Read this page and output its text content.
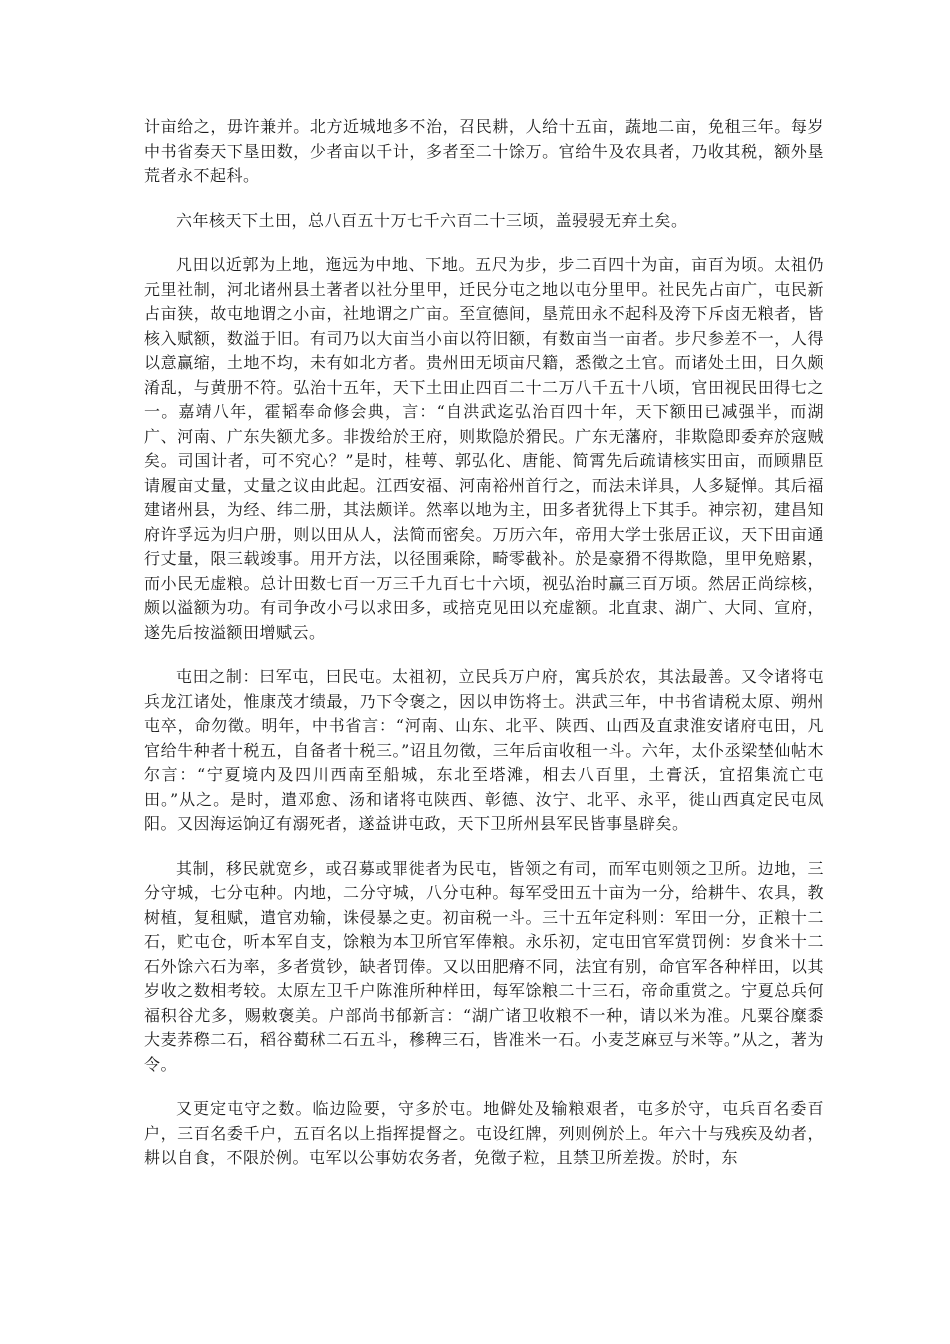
计亩给之，毋许兼并。北方近城地多不治，召民耕，人给十五亩，蔬地二亩，免租三年。每岁中书省奏天下垦田数，少者亩以千计，多者至二十馀万。官给牛及农具者，乃收其税，额外垦荒者永不起科。

六年核天下土田，总八百五十万七千六百二十三顷，盖骎骎无弃土矣。

凡田以近郭为上地，迤远为中地、下地。五尺为步，步二百四十为亩，亩百为顷。太祖仍元里社制，河北诸州县土著者以社分里甲，迁民分屯之地以屯分里甲。社民先占亩广，屯民新占亩狭，故屯地谓之小亩，社地谓之广亩。至宣德间，垦荒田永不起科及洿下斥卤无粮者，皆核入赋额，数溢于旧。有司乃以大亩当小亩以符旧额，有数亩当一亩者。步尺参差不一，人得以意赢缩，土地不均，未有如北方者。贵州田无顷亩尺籍，悉徵之土官。而诸处土田，日久颇淆乱，与黄册不符。弘治十五年，天下土田止四百二十二万八千五十八顷，官田视民田得七之一。嘉靖八年，霍韬奉命修会典，言：“自洪武迄弘治百四十年，天下额田已减强半，而湖广、河南、广东失额尤多。非拨给於王府，则欺隐於猾民。广东无藩府，非欺隐即委弃於寇贼矣。司国计者，可不究心？”是时，桂萼、郭弘化、唐能、简霄先后疏请核实田亩，而顾鼎臣请履亩丈量，丈量之议由此起。江西安福、河南裕州首行之，而法未详具，人多疑惮。其后福建诸州县，为经、纬二册，其法颇详。然率以地为主，田多者犹得上下其手。神宗初，建昌知府许孚远为归户册，则以田从人，法简而密矣。万历六年，帝用大学士张居正议，天下田亩通行丈量，限三载竣事。用开方法，以径围乘除，畸零截补。於是豪猾不得欺隐，里甲免赔累，而小民无虚粮。总计田数七百一万三千九百七十六顷，视弘治时赢三百万顷。然居正尚综核，颇以溢额为功。有司争改小弓以求田多，或掊克见田以充虚额。北直隶、湖广、大同、宣府，遂先后按溢额田增赋云。

屯田之制：曰军屯，曰民屯。太祖初，立民兵万户府，寓兵於农，其法最善。又令诸将屯兵龙江诸处，惟康茂才绩最，乃下令褒之，因以申饬将士。洪武三年，中书省请税太原、朔州屯卒，命勿徵。明年，中书省言：“河南、山东、北平、陕西、山西及直隶淮安诸府屯田，凡官给牛种者十税五，自备者十税三。”诏且勿徵，三年后亩收租一斗。六年，太仆丞梁埜仙帖木尔言：“宁夏境内及四川西南至船城，东北至塔滩，相去八百里，土膏沃，宜招集流亡屯田。”从之。是时，遣邓愈、汤和诸将屯陕西、彰德、汝宁、北平、永平，徙山西真定民屯凤阳。又因海运饷辽有溺死者，遂益讲屯政，天下卫所州县军民皆事垦辟矣。

其制，移民就宽乡，或召募或罪徙者为民屯，皆领之有司，而军屯则领之卫所。边地，三分守城，七分屯种。内地，二分守城，八分屯种。每军受田五十亩为一分，给耕牛、农具，教树植，复租赋，遣官劝输，诛侵暴之吏。初亩税一斗。三十五年定科则：军田一分，正粮十二石，贮屯仓，听本军自支，馀粮为本卫所官军俸粮。永乐初，定屯田官军赏罚例：岁食米十二石外馀六石为率，多者赏钞，缺者罚俸。又以田肥瘠不同，法宜有别，命官军各种样田，以其岁收之数相考较。太原左卫千户陈淮所种样田，每军馀粮二十三石，帝命重赏之。宁夏总兵何福积谷尤多，赐敕褒美。户部尚书郁新言：“湖广诸卫收粮不一种，请以米为准。凡粟谷糜黍大麦荞穄二石，稻谷薥秫二石五斗，穇稗三石，皆准米一石。小麦芝麻豆与米等。”从之，著为令。

又更定屯守之数。临边险要，守多於屯。地僻处及输粮艰者，屯多於守，屯兵百名委百户，三百名委千户，五百名以上指挥提督之。屯设红牌，列则例於上。年六十与残疾及幼者，耕以自食，不限於例。屯军以公事妨农务者，免徵子粒，且禁卫所差拨。於时，东
